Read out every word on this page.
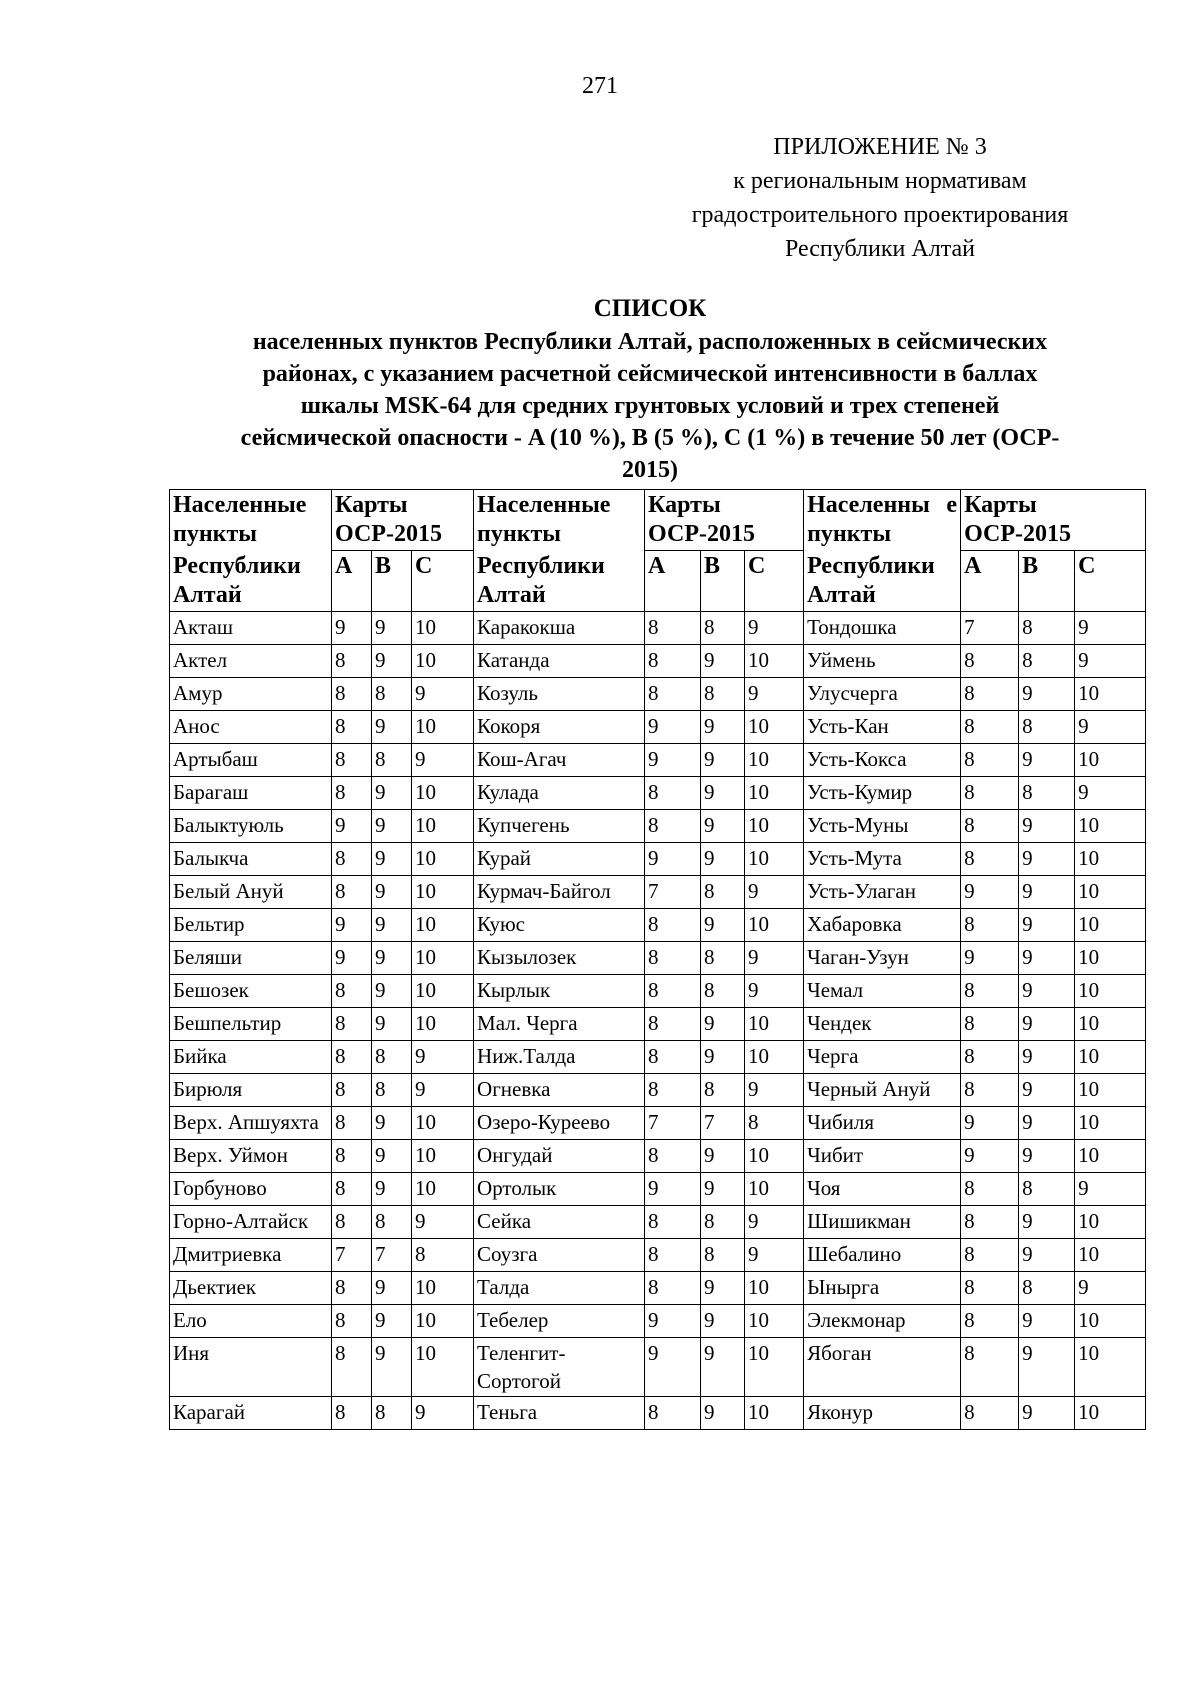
271
ПРИЛОЖЕНИЕ № 3
к региональным нормативам
градостроительного проектирования
Республики Алтай
СПИСОК
населенных пунктов Республики Алтай, расположенных в сейсмических
районах, с указанием расчетной сейсмической интенсивности в баллах
шкалы MSK-64 для средних грунтовых условий и трех степеней
сейсмической опасности - A (10 %), B (5 %), C (1 %) в течение 50 лет (ОСР-
2015)
Населенные пункты	Карты ОСР-2015			Населенные пункты	Карты ОСР-2015			Населенны е пункты	Карты ОСР-2015		
Республики Алтай	A	B	C	Республики Алтай	A	B	C	Республики Алтай	A	B	C
Акташ	9	9	10	Каракокша	8	8	9	Тондошка	7	8	9
Актел	8	9	10	Катанда	8	9	10	Уймень	8	8	9
Амур	8	8	9	Козуль	8	8	9	Улусчерга	8	9	10
Анос	8	9	10	Кокоря	9	9	10	Усть-Кан	8	8	9
Артыбаш	8	8	9	Кош-Агач	9	9	10	Усть-Кокса	8	9	10
Барагаш	8	9	10	Кулада	8	9	10	Усть-Кумир	8	8	9
Балыктуюль	9	9	10	Купчегень	8	9	10	Усть-Муны	8	9	10
Балыкча	8	9	10	Курай	9	9	10	Усть-Мута	8	9	10
Белый Ануй	8	9	10	Курмач-Байгол	7	8	9	Усть-Улаган	9	9	10
Бельтир	9	9	10	Куюс	8	9	10	Хабаровка	8	9	10
Беляши	9	9	10	Кызылозек	8	8	9	Чаган-Узун	9	9	10
Бешозек	8	9	10	Кырлык	8	8	9	Чемал	8	9	10
Бешпельтир	8	9	10	Мал. Черга	8	9	10	Чендек	8	9	10
Бийка	8	8	9	Ниж.Талда	8	9	10	Черга	8	9	10
Бирюля	8	8	9	Огневка	8	8	9	Черный Ануй	8	9	10
Верх. Апшуяхта	8	9	10	Озеро-Куреево	7	7	8	Чибиля	9	9	10
Верх. Уймон	8	9	10	Онгудай	8	9	10	Чибит	9	9	10
Горбуново	8	9	10	Ортолык	9	9	10	Чоя	8	8	9
Горно-Алтайск	8	8	9	Сейка	8	8	9	Шишикман	8	9	10
Дмитриевка	7	7	8	Соузга	8	8	9	Шебалино	8	9	10
Дьектиек	8	9	10	Талда	8	9	10	Ынырга	8	8	9
Ело	8	9	10	Тебелер	9	9	10	Элекмонар	8	9	10
Иня	8	9	10	Теленгит-Сортогой	9	9	10	Ябоган	8	9	10
Карагай	8	8	9	Теньга	8	9	10	Яконур	8	9	10
